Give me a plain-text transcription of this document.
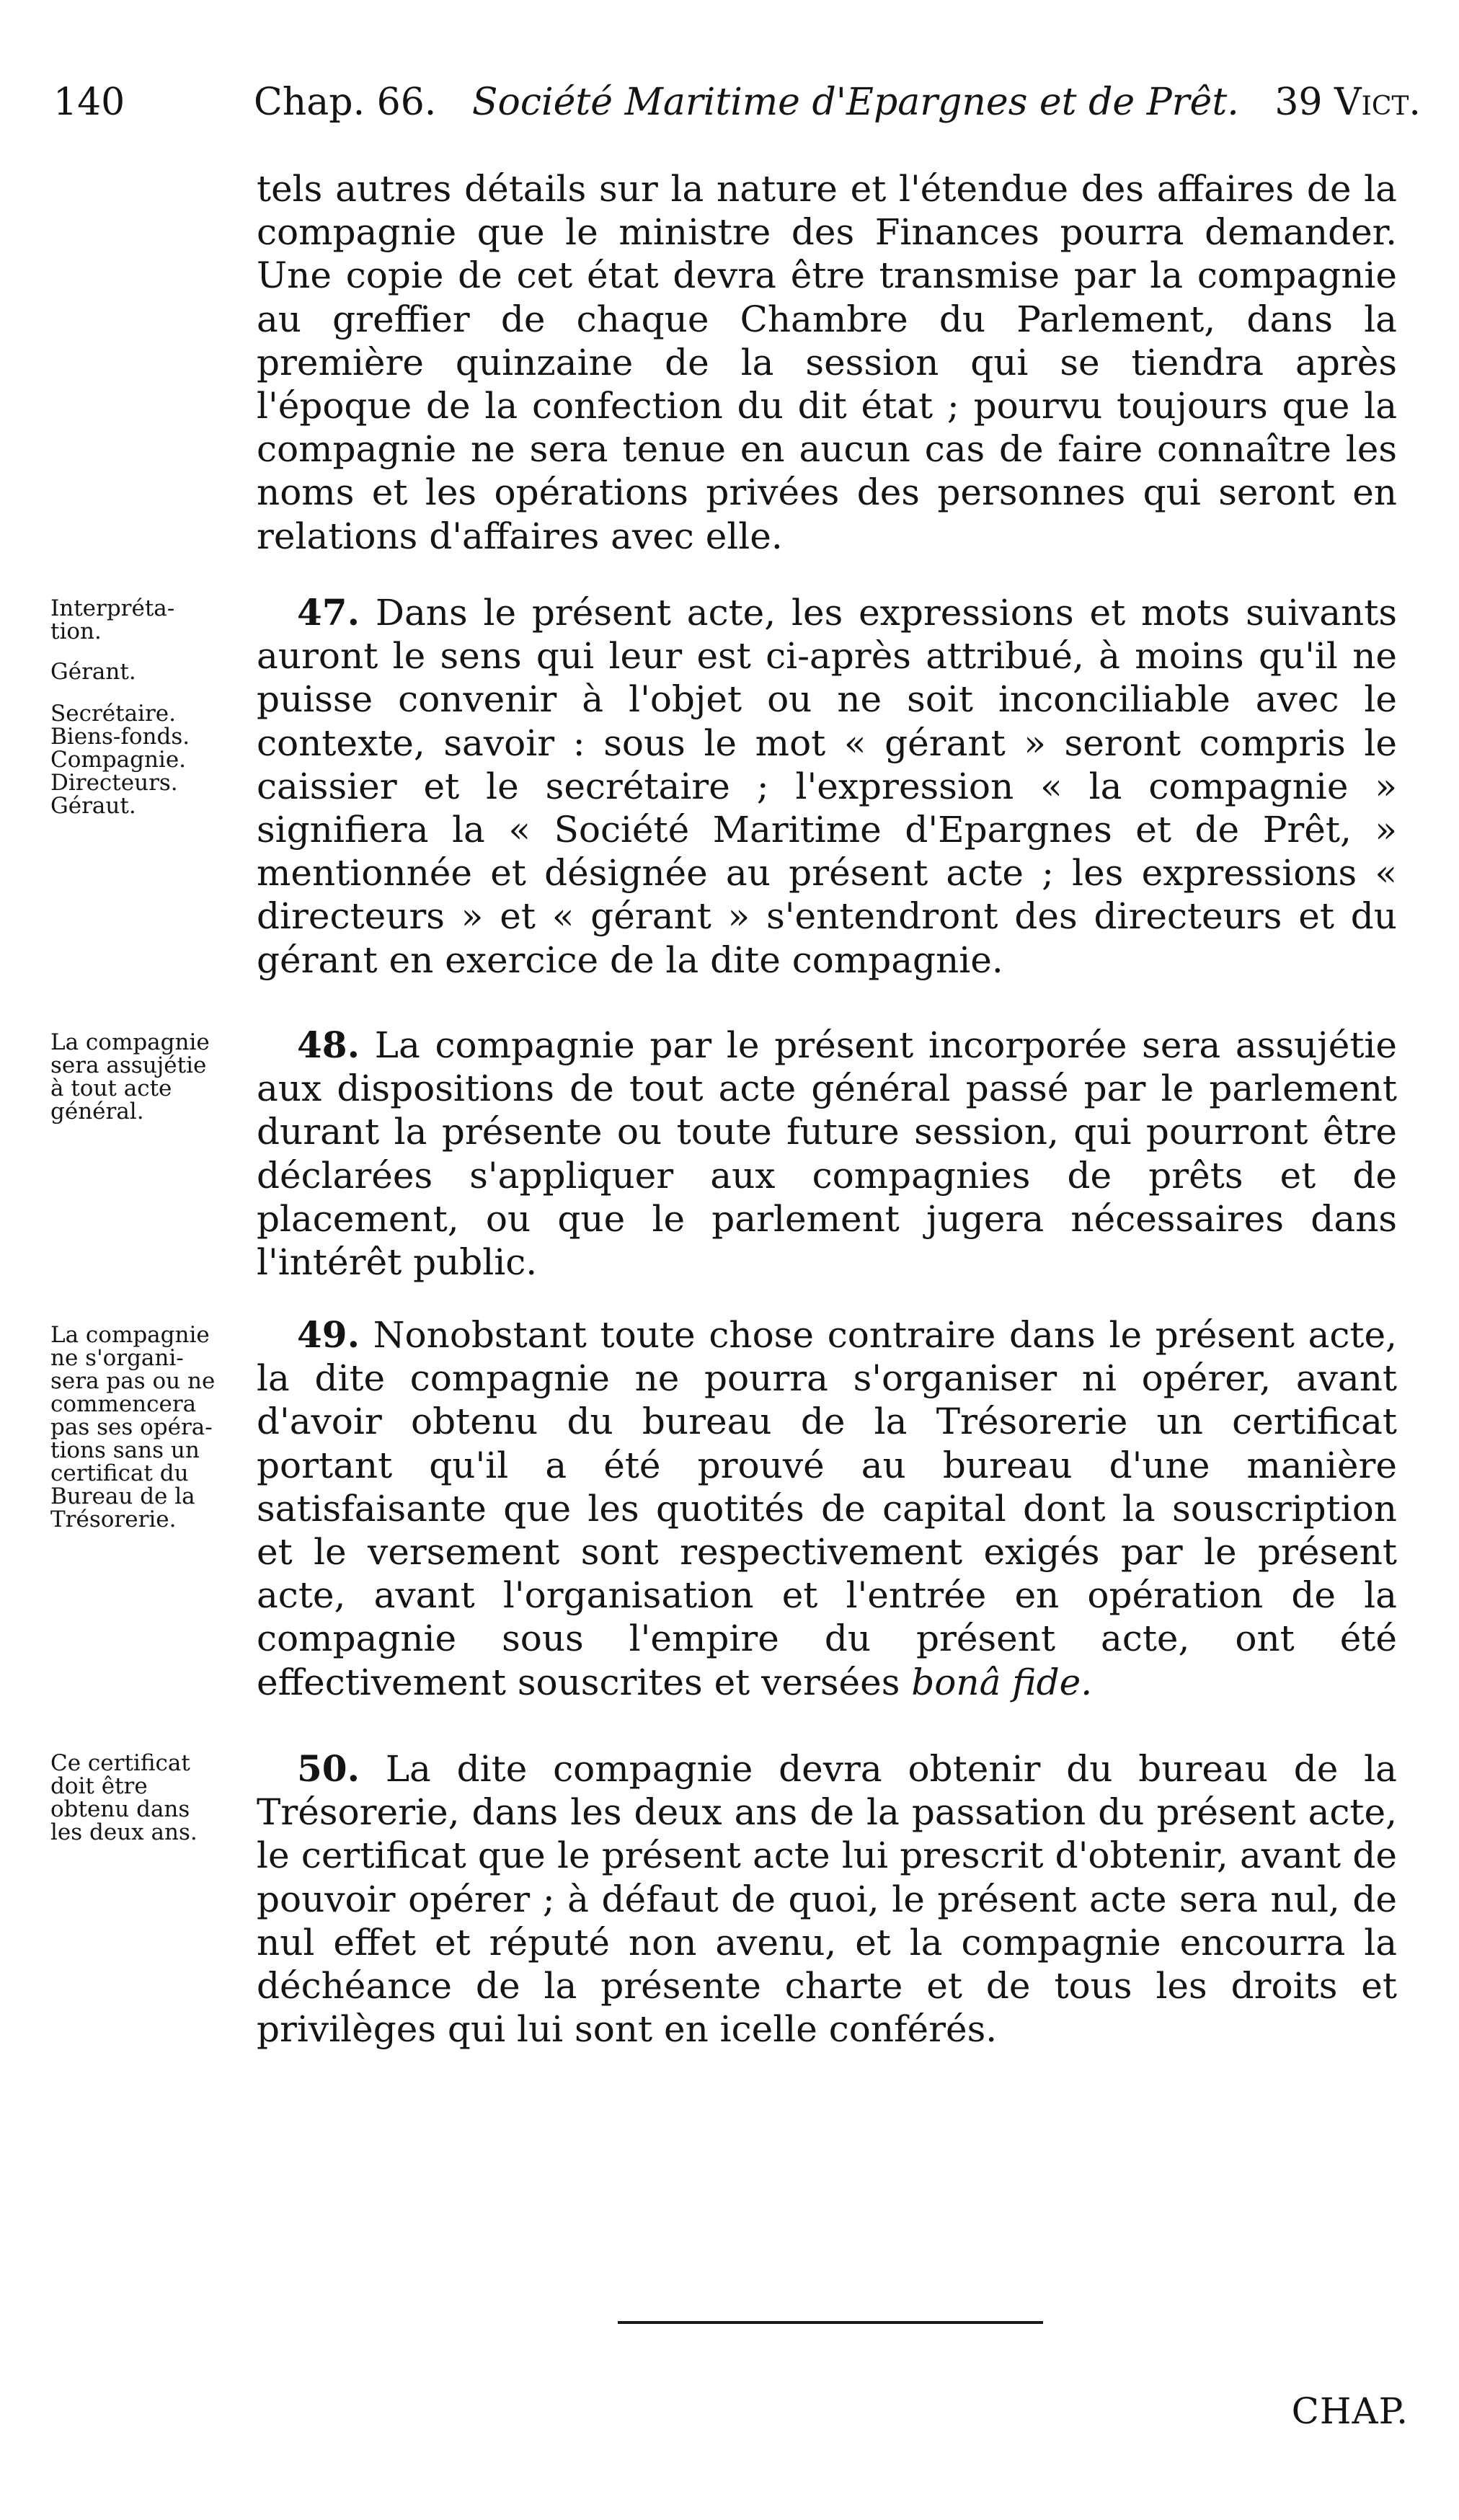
140	Chap. 66. Société Maritime d'Epargnes et de Prêt. 39 Vict.

tels autres détails sur la nature et l'étendue des affaires de la compagnie que le ministre des Finances pourra demander. Une copie de cet état devra être transmise par la compagnie au greffier de chaque Chambre du Parlement, dans la première quinzaine de la session qui se tiendra après l'époque de la confection du dit état ; pourvu toujours que la compagnie ne sera tenue en aucun cas de faire connaître les noms et les opérations privées des personnes qui seront en relations d'affaires avec elle.

Interpréta-
tion.
Gérant.
Secrétaire.
Biens-fonds.
Compagnie.
Directeurs.
Géraut.

47. Dans le présent acte, les expressions et mots suivants auront le sens qui leur est ci-après attribué, à moins qu'il ne puisse convenir à l'objet ou ne soit inconciliable avec le contexte, savoir : sous le mot « gérant » seront compris le caissier et le secrétaire ; l'expression « la compagnie » signifiera la « Société Maritime d'Epargnes et de Prêt, » mentionnée et désignée au présent acte ; les expressions « directeurs » et « gérant » s'entendront des directeurs et du gérant en exercice de la dite compagnie.

La compagnie
sera assujétie
à tout acte
général.

48. La compagnie par le présent incorporée sera assujétie aux dispositions de tout acte général passé par le parlement durant la présente ou toute future session, qui pourront être déclarées s'appliquer aux compagnies de prêts et de placement, ou que le parlement jugera nécessaires dans l'intérêt public.

La compagnie
ne s'organi-
sera pas ou ne
commencera
pas ses opéra-
tions sans un
certificat du
Bureau de la
Trésorerie.

49. Nonobstant toute chose contraire dans le présent acte, la dite compagnie ne pourra s'organiser ni opérer, avant d'avoir obtenu du bureau de la Trésorerie un certificat portant qu'il a été prouvé au bureau d'une manière satisfaisante que les quotités de capital dont la souscription et le versement sont respectivement exigés par le présent acte, avant l'organisation et l'entrée en opération de la compagnie sous l'empire du présent acte, ont été effectivement souscrites et versées bonâ fide.

Ce certificat
doit être
obtenu dans
les deux ans.

50. La dite compagnie devra obtenir du bureau de la Trésorerie, dans les deux ans de la passation du présent acte, le certificat que le présent acte lui prescrit d'obtenir, avant de pouvoir opérer ; à défaut de quoi, le présent acte sera nul, de nul effet et réputé non avenu, et la compagnie encourra la déchéance de la présente charte et de tous les droits et privilèges qui lui sont en icelle conférés.

CHAP.
